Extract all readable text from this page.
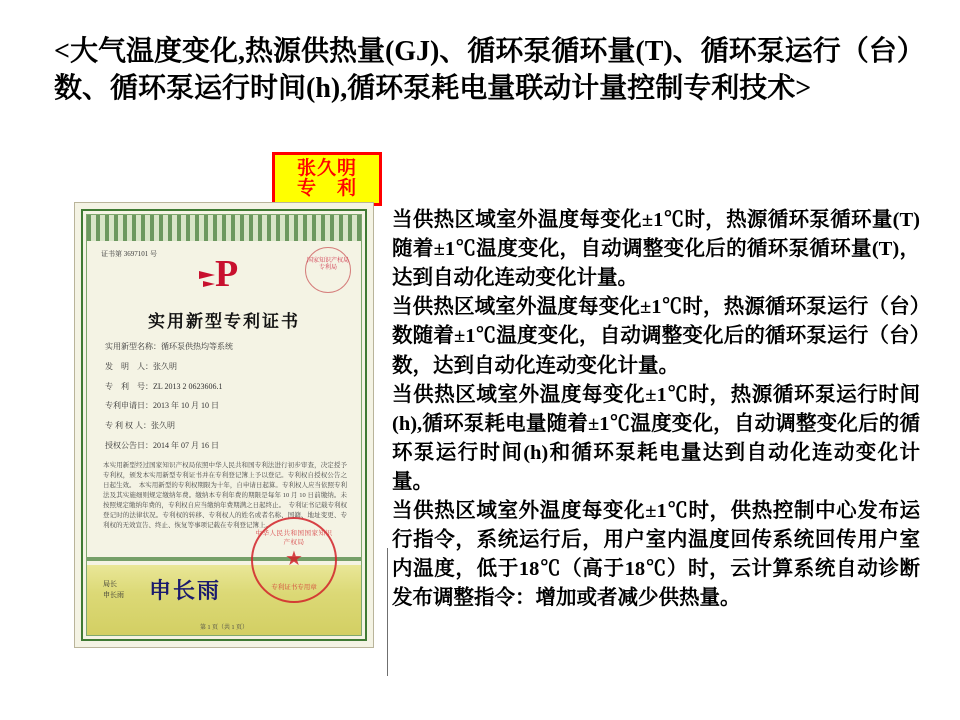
<大气温度变化,热源供热量(GJ)、循环泵循环量(T)、循环泵运行（台）数、循环泵运行时间(h),循环泵耗电量联动计量控制专利技术>
张久明
专　利
证书第 3697101 号 P	国家知识产权局专利局
实用新型专利证书
实用新型名称：循环泵供热均等系统
发　明　人：张久明
专　利　号：ZL 2013 2 0623606.1
专利申请日：2013 年 10 月 10 日
专 利 权 人：张久明
授权公告日：2014 年 07 月 16 日
本实用新型经过国家知识产权局依照中华人民共和国专利法进行初步审查，决定授予专利权，颁发本实用新型专利证书并在专利登记簿上予以登记。专利权自授权公告之日起生效。　本实用新型的专利权期限为十年，自申请日起算。专利权人应当依照专利法及其实施细则规定缴纳年费。缴纳本专利年费的期限是每年 10 月 10 日前缴纳。未按照规定缴纳年费的，专利权自应当缴纳年费期满之日起终止。　专利证书记载专利权登记时的法律状况。专利权的转移、专利权人的姓名或者名称、国籍、地址变更、专利权的无效宣告、终止、恢复等事项记载在专利登记簿上。
局长
申长雨 申长雨
中华人民共和国国家知识产权局
★
专利证书专用章
第 1 页（共 1 页）

当供热区域室外温度每变化±1℃时，热源循环泵循环量(T)随着±1℃温度变化，自动调整变化后的循环泵循环量(T)，达到自动化连动变化计量。

当供热区域室外温度每变化±1℃时，热源循环泵运行（台）数随着±1℃温度变化，自动调整变化后的循环泵运行（台）数，达到自动化连动变化计量。

当供热区域室外温度每变化±1℃时，热源循环泵运行时间(h),循环泵耗电量随着±1℃温度变化，自动调整变化后的循环泵运行时间(h)和循环泵耗电量达到自动化连动变化计量。

当供热区域室外温度每变化±1℃时，供热控制中心发布运行指令，系统运行后，用户室内温度回传系统回传用户室内温度，低于18℃（高于18℃）时，云计算系统自动诊断发布调整指令：增加或者减少供热量。
